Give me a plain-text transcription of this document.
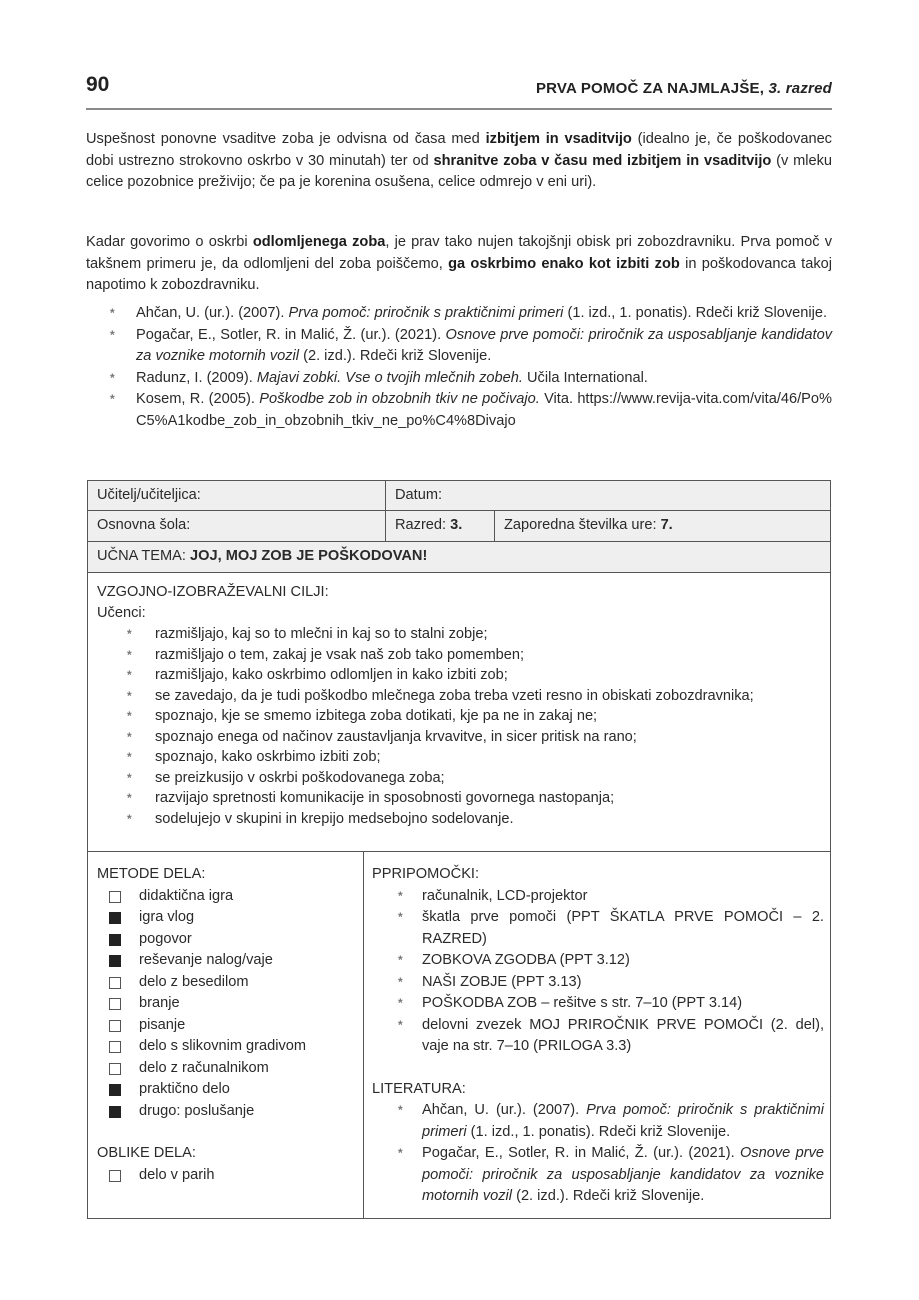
90	PRVA POMOČ ZA NAJMLAJŠE, 3. razred

Uspešnost ponovne vsaditve zoba je odvisna od časa med izbitjem in vsaditvijo (idealno je, če poškodovanec dobi ustrezno strokovno oskrbo v 30 minutah) ter od shranitve zoba v času med izbitjem in vsaditvijo (v mleku celice pozobnice preživijo; če pa je korenina osušena, celice odmrejo v eni uri).

Kadar govorimo o oskrbi odlomljenega zoba, je prav tako nujen takojšnji obisk pri zobozdravniku. Prva pomoč v takšnem primeru je, da odlomljeni del zoba poiščemo, ga oskrbimo enako kot izbiti zob in poškodovanca takoj napotimo k zobozdravniku.

* Ahčan, U. (ur.). (2007). Prva pomoč: priročnik s praktičnimi primeri (1. izd., 1. ponatis). Rdeči križ Slovenije.
* Pogačar, E., Sotler, R. in Malić, Ž. (ur.). (2021). Osnove prve pomoči: priročnik za usposabljanje kandidatov za voznike motornih vozil (2. izd.). Rdeči križ Slovenije.
* Radunz, I. (2009). Majavi zobki. Vse o tvojih mlečnih zobeh. Učila International.
* Kosem, R. (2005). Poškodbe zob in obzobnih tkiv ne počivajo. Vita. https://www.revija-vita.com/vita/46/Po%C5%A1kodbe_zob_in_obzobnih_tkiv_ne_po%C4%8Divajo
Učitelj/učiteljica:	Datum:
Osnovna šola:	Razred: 3.	Zaporedna številka ure: 7.
UČNA TEMA: JOJ, MOJ ZOB JE POŠKODOVAN!
VZGOJNO-IZOBRAŽEVALNI CILJI:
Učenci:
* razmišljajo, kaj so to mlečni in kaj so to stalni zobje;
* razmišljajo o tem, zakaj je vsak naš zob tako pomemben;
* razmišljajo, kako oskrbimo odlomljen in kako izbiti zob;
* se zavedajo, da je tudi poškodbo mlečnega zoba treba vzeti resno in obiskati zobozdravnika;
* spoznajo, kje se smemo izbitega zoba dotikati, kje pa ne in zakaj ne;
* spoznajo enega od načinov zaustavljanja krvavitve, in sicer pritisk na rano;
* spoznajo, kako oskrbimo izbiti zob;
* se preizkusijo v oskrbi poškodovanega zoba;
* razvijajo spretnosti komunikacije in sposobnosti govornega nastopanja;
* sodelujejo v skupini in krepijo medsebojno sodelovanje.
METODE DELA:
didaktična igra
igra vlog
pogovor
reševanje nalog/vaje
delo z besedilom
branje
pisanje
delo s slikovnim gradivom
delo z računalnikom
praktično delo
drugo: poslušanje
OBLIKE DELA:
delo v parih
PPRIPOMOČKI:
* računalnik, LCD-projektor
* škatla prve pomoči (PPT ŠKATLA PRVE POMOČI – 2. RAZRED)
* ZOBKOVA ZGODBA (PPT 3.12)
* NAŠI ZOBJE (PPT 3.13)
* POŠKODBA ZOB – rešitve s str. 7–10 (PPT 3.14)
* delovni zvezek MOJ PRIROČNIK PRVE POMOČI (2. del), vaje na str. 7–10 (PRILOGA 3.3)
LITERATURA:
* Ahčan, U. (ur.). (2007). Prva pomoč: priročnik s praktičnimi primeri (1. izd., 1. ponatis). Rdeči križ Slovenije.
* Pogačar, E., Sotler, R. in Malić, Ž. (ur.). (2021). Osnove prve pomoči: priročnik za usposabljanje kandidatov za voznike motornih vozil (2. izd.). Rdeči križ Slovenije.
